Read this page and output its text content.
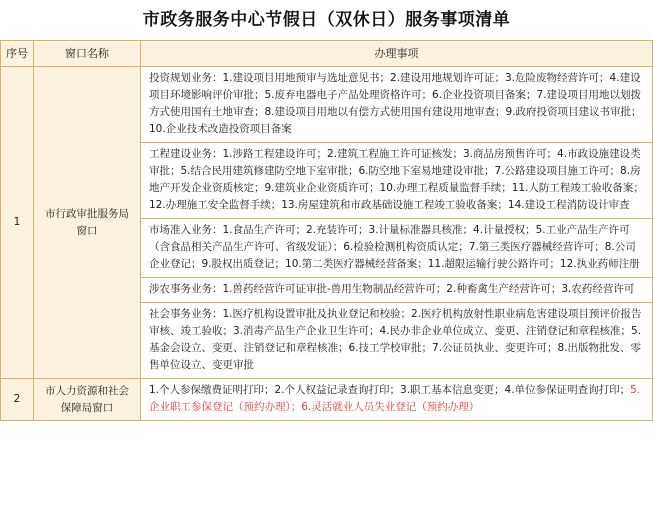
市政务服务中心节假日（双休日）服务事项清单
序号	窗口名称	办理事项
1	市行政审批服务局窗口	投资规划业务：1.建设项目用地预审与选址意见书；2.建设用地规划许可证；3.危险废物经营许可；4.建设项目环境影响评价审批；5.废弃电器电子产品处理资格许可；6.企业投资项目备案；7.建设项目用地以划拨方式使用国有土地审查；8.建设项目用地以有偿方式使用国有建设用地审查；9.政府投资项目建议书审批；10.企业技术改造投资项目备案
		工程建设业务：1.涉路工程建设许可；2.建筑工程施工许可证核发；3.商品房预售许可；4.市政设施建设类审批；5.结合民用建筑修建防空地下室审批；6.防空地下室易地建设审批；7.公路建设项目施工许可；8.房地产开发企业资质核定；9.建筑业企业资质许可；10.办理工程质量监督手续；11.人防工程竣工验收备案；12.办理施工安全监督手续；13.房屋建筑和市政基础设施工程竣工验收备案；14.建设工程消防设计审查
		市场准入业务：1.食品生产许可；2.充装许可；3.计量标准器具核准；4.计量授权；5.工业产品生产许可（含食品相关产品生产许可、省级发证）；6.检验检测机构资质认定；7.第三类医疗器械经营许可；8.公司企业登记；9.股权出质登记；10.第二类医疗器械经营备案；11.超限运输行驶公路许可；12.执业药师注册
		涉农事务业务：1.兽药经营许可证审批-兽用生物制品经营许可；2.种畜禽生产经营许可；3.农药经营许可
		社会事务业务：1.医疗机构设置审批及执业登记和校验；2.医疗机构放射性职业病危害建设项目预评价报告审核、竣工验收；3.消毒产品生产企业卫生许可；4.民办非企业单位成立、变更、注销登记和章程核准；5.基金会设立、变更、注销登记和章程核准；6.技工学校审批；7.公证员执业、变更许可；8.出版物批发、零售单位设立、变更审批
2	市人力资源和社会保障局窗口	1.个人参保缴费证明打印；2.个人权益记录查询打印；3.职工基本信息变更；4.单位参保证明查询打印；5.企业职工参保登记（预约办理）；6.灵活就业人员失业登记（预约办理）
